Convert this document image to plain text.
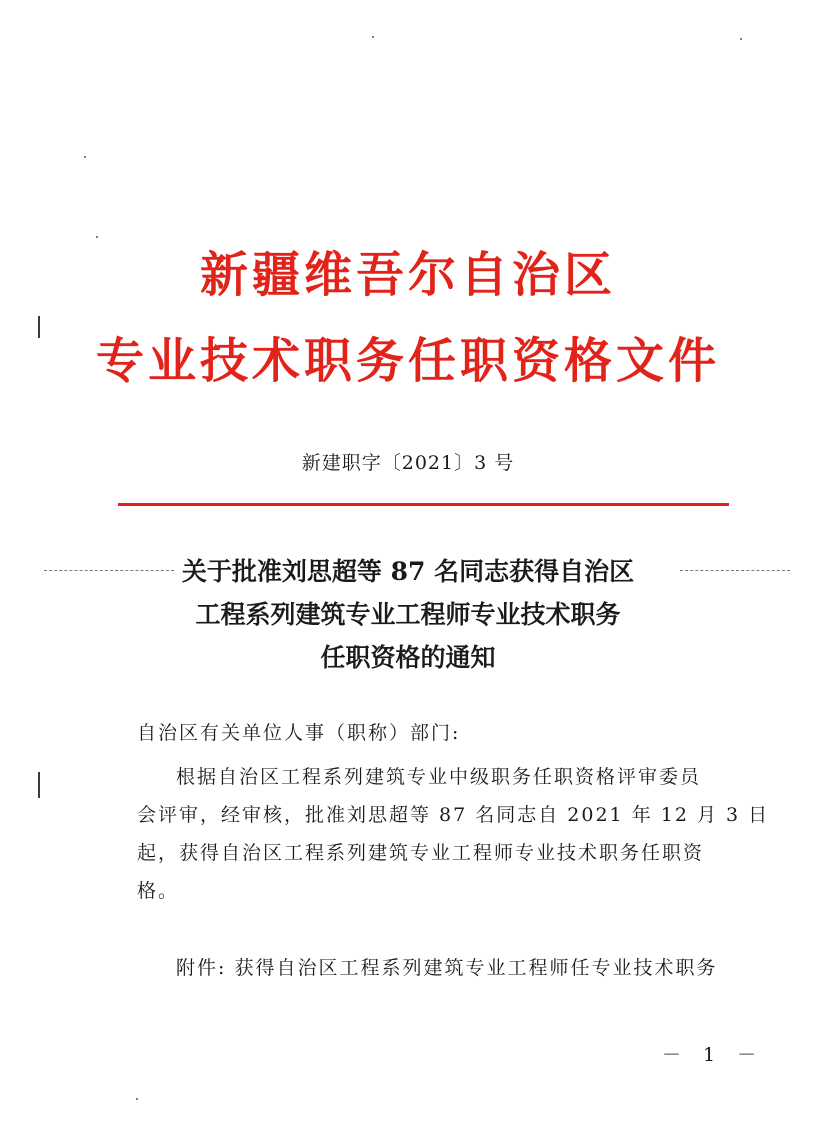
新疆维吾尔自治区
专业技术职务任职资格文件
新建职字〔2021〕3 号
关于批准刘思超等 87 名同志获得自治区
工程系列建筑专业工程师专业技术职务
任职资格的通知
自治区有关单位人事（职称）部门:
根据自治区工程系列建筑专业中级职务任职资格评审委员
会评审，经审核，批准刘思超等 87 名同志自 2021 年 12 月 3 日
起，获得自治区工程系列建筑专业工程师专业技术职务任职资
格。
附件: 获得自治区工程系列建筑专业工程师任专业技术职务
－ 1 －
